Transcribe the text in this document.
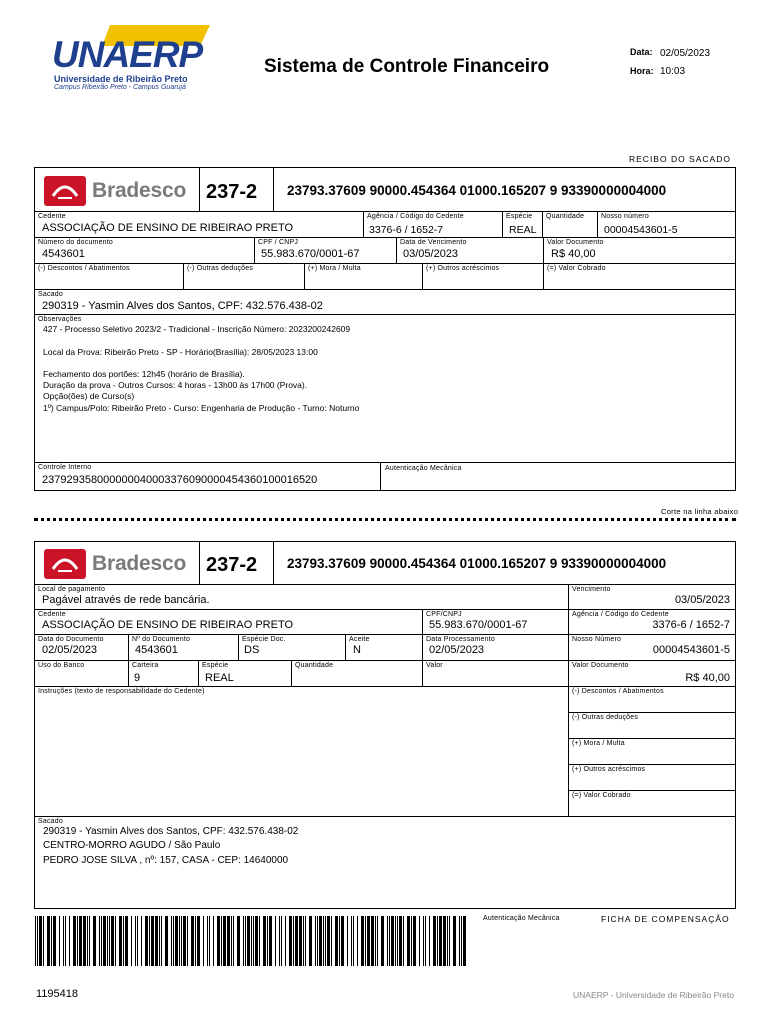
UNAERP
Universidade de Ribeirão Preto
Campus Ribeirão Preto - Campus Guarujá
Sistema de Controle Financeiro
Data: 02/05/2023
Hora: 10:03
RECIBO DO SACADO
Bradesco 237-2 23793.37609 90000.454364 01000.165207 9 93390000004000
Cedente
ASSOCIAÇÃO DE ENSINO DE RIBEIRAO PRETO
Agência / Código do Cedente
3376-6 / 1652-7
Espécie
REAL
Quantidade Nosso número
00004543601-5
Número do documento
4543601
CPF / CNPJ
55.983.670/0001-67
Data de Vencimento
03/05/2023
Valor Documento
R$ 40,00
(-) Descontos / Abatimentos	(-) Outras deduções	(+) Mora / Multa	(+) Outros acréscimos	(=) Valor Cobrado
Sacado
290319 - Yasmin Alves dos Santos, CPF: 432.576.438-02
Observações
427 - Processo Seletivo 2023/2 - Tradicional - Inscrição Número: 2023200242609
Local da Prova: Ribeirão Preto - SP - Horário(Brasília): 28/05/2023 13:00
Fechamento dos portões: 12h45 (horário de Brasília).
Duração da prova - Outros Cursos: 4 horas - 13h00 às 17h00 (Prova).
Opção(ões) de Curso(s)
1º) Campus/Polo: Ribeirão Preto - Curso: Engenharia de Produção - Turno: Noturno
Controle Interno
237929358000000040003376090000454360100016520
Autenticação Mecânica
Corte na linha abaixo
Bradesco 237-2 23793.37609 90000.454364 01000.165207 9 93390000004000
Local de pagamento
Pagável através de rede bancária.
Vencimento
03/05/2023
Cedente
ASSOCIAÇÃO DE ENSINO DE RIBEIRAO PRETO
CPF/CNPJ
55.983.670/0001-67
Agência / Código do Cedente
3376-6 / 1652-7
Data do Documento
02/05/2023
Nº do Documento
4543601
Espécie Doc.
DS
Aceite
N
Data Processamento
02/05/2023
Nosso Número
00004543601-5
Uso do Banco	Carteira
9
Espécie
REAL
Quantidade	Valor	Valor Documento
R$ 40,00
Instruções (texto de responsabilidade do Cedente)	(-) Descontos / Abatimentos
(-) Outras deduções
(+) Mora / Multa
(+) Outros acréscimos
(=) Valor Cobrado
Sacado
290319 - Yasmin Alves dos Santos, CPF: 432.576.438-02
CENTRO-MORRO AGUDO / São Paulo
PEDRO JOSE SILVA , nº: 157, CASA - CEP: 14640000
Autenticação Mecânica	FICHA DE COMPENSAÇÃO
1195418	UNAERP - Universidade de Ribeirão Preto
